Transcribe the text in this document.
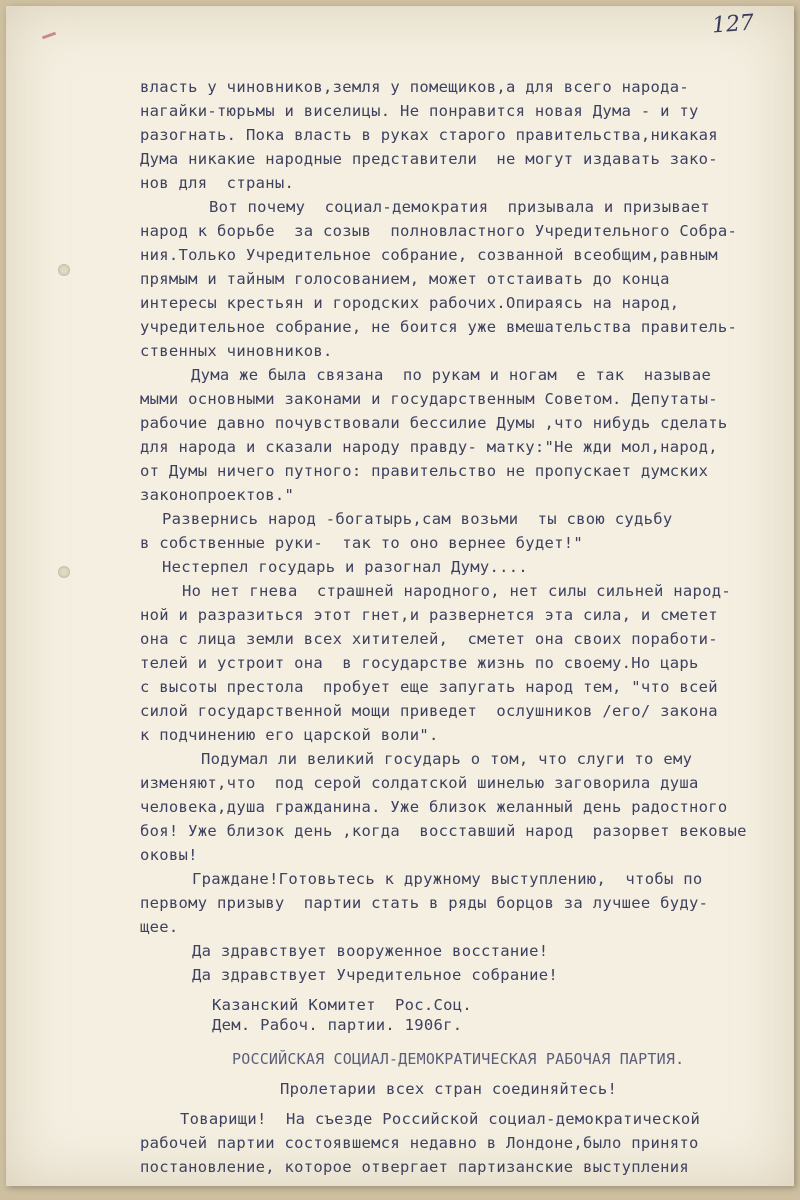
127
власть у чиновников,земля у помещиков,а для всего народа-
нагайки-тюрьмы и виселицы. Не понравится новая Дума - и ту
разогнать. Пока власть в руках старого правительства,никакая
Дума никакие народные представители  не могут издавать зако-
нов для  страны.
Вот почему  социал-демократия  призывала и призывает
народ к борьбе  за созыв  полновластного Учредительного Собра-
ния.Только Учредительное собрание, созванной всеобщим,равным
прямым и тайным голосованием, может отстаивать до конца
интересы крестьян и городских рабочих.Опираясь на народ,
учредительное собрание, не боится уже вмешательства правитель-
ственных чиновников.
Дума же была связана  по рукам и ногам  е так  называе
мыми основными законами и государственным Советом. Депутаты-
рабочие давно почувствовали бессилие Думы ,что нибудь сделать
для народа и сказали народу правду- матку:"Не жди мол,народ,
от Думы ничего путного: правительство не пропускает думских
законопроектов."
Развернись народ -богатырь,сам возьми  ты свою судьбу
в собственные руки-  так то оно вернее будет!"
Нестерпел государь и разогнал Думу....
Но нет гнева  страшней народного, нет силы сильней народ-
ной и разразиться этот гнет,и развернется эта сила, и сметет
она с лица земли всех хитителей,  сметет она своих поработи-
телей и устроит она  в государстве жизнь по своему.Но царь
с высоты престола  пробует еще запугать народ тем, "что всей
силой государственной мощи приведет  ослушников /его/ закона
к подчинению его царской воли".
Подумал ли великий государь о том, что слуги то ему
изменяют,что  под серой солдатской шинелью заговорила душа
человека,душа гражданина. Уже близок желанный день радостного
боя! Уже близок день ,когда  восставший народ  разорвет вековые
оковы!
Граждане!Готовьтесь к дружному выступлению,  чтобы по
первому призыву  партии стать в ряды борцов за лучшее буду-
щее.
Да здравствует вооруженное восстание!
Да здравствует Учредительное собрание!
Казанский Комитет  Рос.Соц.
Дем. Рабоч. партии. 1906г.
РОССИЙСКАЯ СОЦИАЛ-ДЕМОКРАТИЧЕСКАЯ РАБОЧАЯ ПАРТИЯ.
Пролетарии всех стран соединяйтесь!
Товарищи!  На съезде Российской социал-демократической
рабочей партии состоявшемся недавно в Лондоне,было принято
постановление, которое отвергает партизанские выступления
